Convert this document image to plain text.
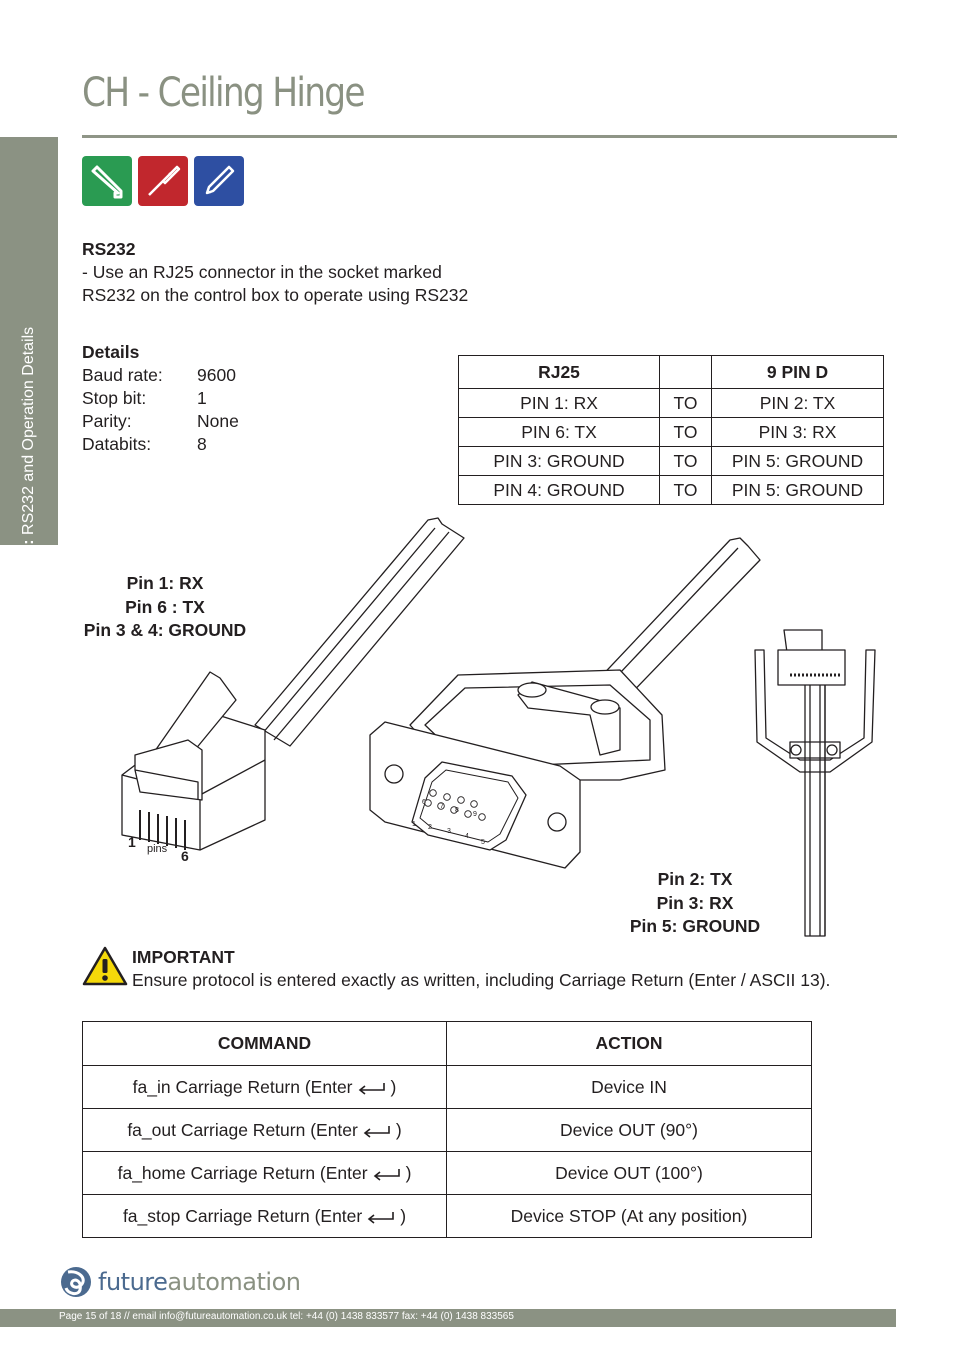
CH - Ceiling Hinge
Installation: RS232 and Operation Details
RS232
- Use an RJ25 connector in the socket marked
RS232 on the control box to operate using RS232
Details
Baud rate:	9600
Stop bit:	1
Parity:	None
Databits:	8
RJ25		9 PIN D
PIN 1: RX	TO	PIN 2: TX
PIN 6: TX	TO	PIN 3: RX
PIN 3: GROUND	TO	PIN 5: GROUND
PIN 4: GROUND	TO	PIN 5: GROUND
1 pins 6
1 2
3
4
5
6
7
8
9
Pin 1: RX
Pin 6 : TX
Pin 3 & 4: GROUND
Pin 2: TX
Pin 3: RX
Pin 5: GROUND
IMPORTANT
Ensure protocol is entered exactly as written, including Carriage Return (Enter / ASCII 13).
COMMAND	ACTION
fa_in Carriage Return (Enter )	Device IN
fa_out Carriage Return (Enter )	Device OUT (90°)
fa_home Carriage Return (Enter )	Device OUT (100°)
fa_stop Carriage Return (Enter )	Device STOP (At any position)
future automation
Page 15 of 18 // email info@futureautomation.co.uk tel: +44 (0) 1438 833577 fax: +44 (0) 1438 833565
